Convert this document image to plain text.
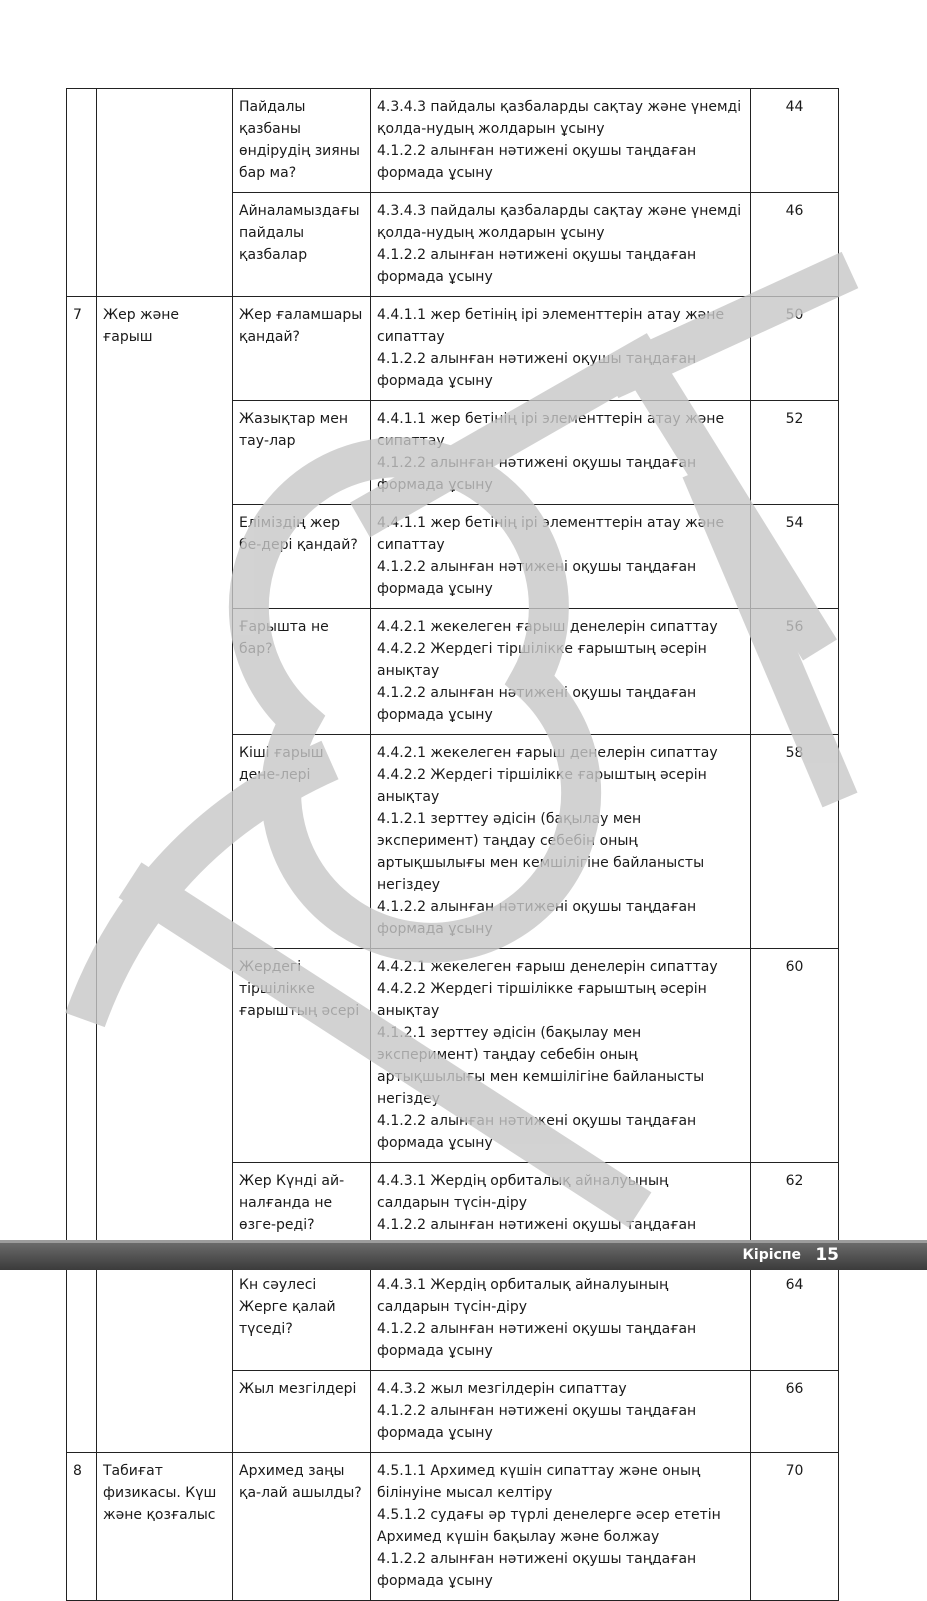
		Пайдалы қазбаны өндірудің зияны бар ма?	4.3.4.3 пайдалы қазбаларды сақтау және үнемді қолда-нудың жолдарын ұсыну
4.1.2.2 алынған нәтижені оқушы таңдаған формада ұсыну	44
		Айналамыздағы пайдалы қазбалар	4.3.4.3 пайдалы қазбаларды сақтау және үнемді қолда-нудың жолдарын ұсыну
4.1.2.2 алынған нәтижені оқушы таңдаған формада ұсыну	46
7	Жер және ғарыш	Жер ғаламшары қандай?	4.4.1.1 жер бетінің ірі элементтерін атау және сипаттау
4.1.2.2 алынған нәтижені оқушы таңдаған формада ұсыну	50
		Жазықтар мен тау-лар	4.4.1.1 жер бетінің ірі элементтерін атау және сипаттау
4.1.2.2 алынған нәтижені оқушы таңдаған формада ұсыну	52
		Еліміздің жер бе-дері қандай?	4.4.1.1 жер бетінің ірі элементтерін атау және сипаттау
4.1.2.2 алынған нәтижені оқушы таңдаған формада ұсыну	54
		Ғарышта не бар?	4.4.2.1 жекелеген ғарыш денелерін сипаттау
4.4.2.2 Жердегі тіршілікке ғарыштың әсерін анықтау
4.1.2.2 алынған нәтижені оқушы таңдаған формада ұсыну	56
		Кіші ғарыш дене-лері	4.4.2.1 жекелеген ғарыш денелерін сипаттау
4.4.2.2 Жердегі тіршілікке ғарыштың әсерін анықтау
4.1.2.1 зерттеу әдісін (бақылау мен эксперимент) таңдау себебін оның артықшылығы мен кемшілігіне байланысты негіздеу
4.1.2.2 алынған нәтижені оқушы таңдаған формада ұсыну	58
		Жердегі тіршілікке ғарыштың әсері	4.4.2.1 жекелеген ғарыш денелерін сипаттау
4.4.2.2 Жердегі тіршілікке ғарыштың әсерін анықтау
4.1.2.1 зерттеу әдісін (бақылау мен эксперимент) таңдау себебін оның артықшылығы мен кемшілігіне байланысты негіздеу
4.1.2.2 алынған нәтижені оқушы таңдаған формада ұсыну	60
		Жер Күнді ай-налғанда не өзге-реді?	4.4.3.1 Жердің орбиталық айналуының салдарын түсін-діру
4.1.2.2 алынған нәтижені оқушы таңдаған	62
		Кн сәулесі Жерге қалай түседі?	4.4.3.1 Жердің орбиталық айналуының салдарын түсін-діру
4.1.2.2 алынған нәтижені оқушы таңдаған формада ұсыну	64
		Жыл мезгілдері	4.4.3.2 жыл мезгілдерін сипаттау
4.1.2.2 алынған нәтижені оқушы таңдаған формада ұсыну	66
8	Табиғат физикасы. Күш және қозғалыс	Архимед заңы қа-лай ашылды?	4.5.1.1 Архимед күшін сипаттау және оның білінуіне мысал келтіру
4.5.1.2 судағы әр түрлі денелерге әсер ететін Архимед күшін бақылау және болжау
4.1.2.2 алынған нәтижені оқушы таңдаған формада ұсыну	70
Кіріспе 15
